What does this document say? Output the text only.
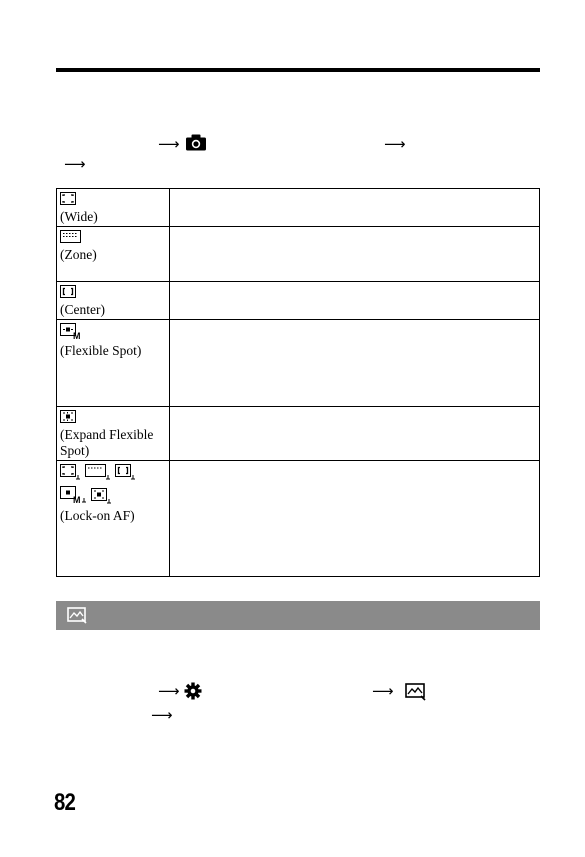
⟶	⟶
⟶

(Wide)	

(Zone)	

(Center)	

M

(Flexible Spot)	

(Expand Flexible Spot)	

M

(Lock-on AF)	
⟶	⟶
⟶
82
